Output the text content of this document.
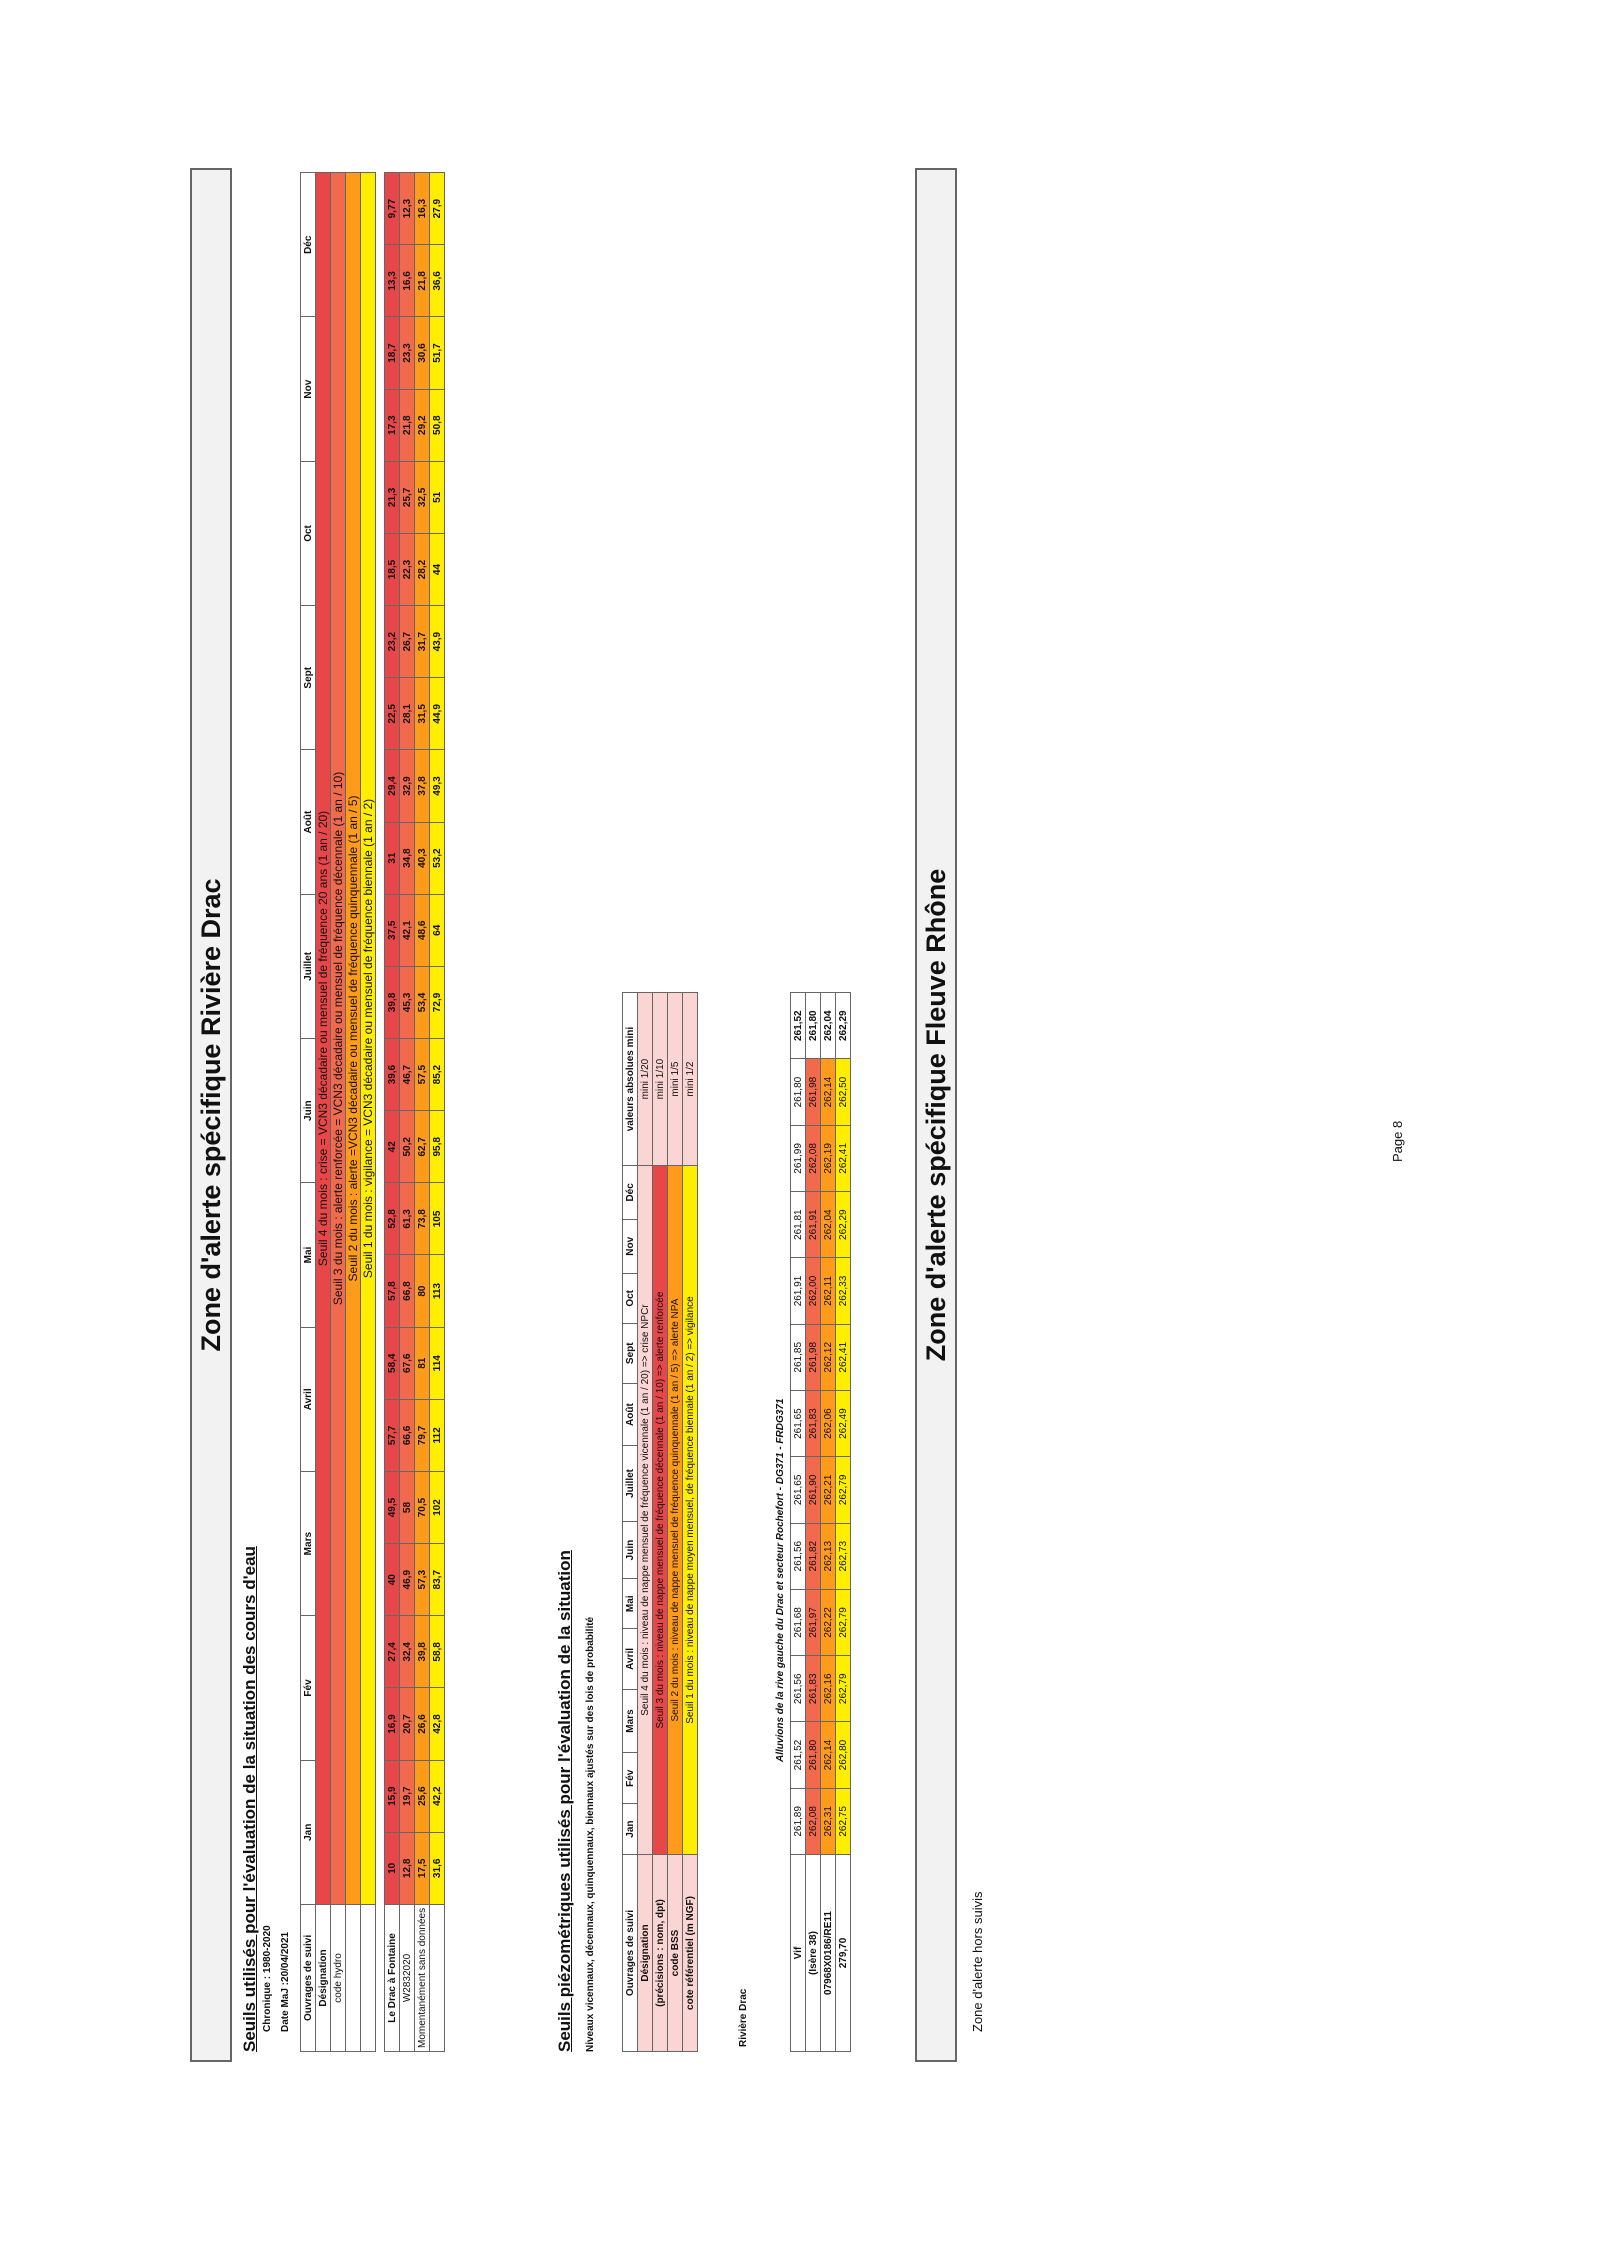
Zone d'alerte spécifique Rivière Drac
Seuils utilisés pour l'évaluation de la situation des cours d'eau Chronique : 1980-2020 Date MaJ :20/04/2021 Ouvrages de suivi	Jan		Fév		Mars		Avril		Mai		Juin		Juillet		Août		Sept		Oct		Nov		Déc	
Désignation	Seuil 4 du mois : crise = VCN3 décadaire ou mensuel de fréquence 20 ans (1 an / 20)																							
code hydro	Seuil 3 du mois : alerte renforcée = VCN3 décadaire ou mensuel de fréquence décennale (1 an / 10)																							
	Seuil 2 du mois : alerte =VCN3 décadaire ou mensuel de fréquence quinquennale (1 an / 5)																							
	Seuil 1 du mois : vigilance = VCN3 décadaire ou mensuel de fréquence biennale (1 an / 2)																							

Le Drac à Fontaine	10	15,9	16,9	27,4	40	49,5	57,7	58,4	57,8	52,8	42	39,6	39,8	37,5	31	29,4	22,5	23,2	18,5	21,3	17,3	18,7	13,3	9,77
W2832020	12,8	19,7	20,7	32,4	46,9	58	66,6	67,6	66,8	61,3	50,2	46,7	45,3	42,1	34,8	32,9	28,1	26,7	22,3	25,7	21,8	23,3	16,6	12,3
Momentanément sans données	17,5	25,6	26,6	39,8	57,3	70,5	79,7	81	80	73,8	62,7	57,5	53,4	48,6	40,3	37,8	31,5	31,7	28,2	32,5	29,2	30,6	21,8	16,3
	31,6	42,2	42,8	58,8	83,7	102	112	114	113	105	95,8	85,2	72,9	64	53,2	49,3	44,9	43,9	44	51	50,8	51,7	36,6	27,9
Seuils piézométriques utilisés pour l'évaluation de la situation Niveaux vicennaux, décennaux, quinquennaux, biennaux ajustés sur des lois de probabilité	Ouvrages de suivi	Jan	Fév	Mars	Avril	Mai	Juin	Juillet	Août	Sept	Oct	Nov	Déc	valeurs absolues mini
Désignation	Seuil 4 du mois : niveau de nappe mensuel de fréquence vicennale (1 an / 20) => crise NPCr												mini 1/20
(précisions : nom, dpt)	Seuil 3 du mois : niveau de nappe mensuel de fréquence décennale (1 an / 10) => alerte renforcée												mini 1/10
code BSS	Seuil 2 du mois : niveau de nappe mensuel de fréquence quinquennale (1 an / 5) => alerte NPA												mini 1/5
cote référentiel (m NGF)	Seuil 1 du mois : niveau de nappe moyen mensuel, de fréquence biennale (1 an / 2) => vigilance												mini 1/2
Rivière Drac
Alluvions de la rive gauche du Drac et secteur Rochefort - DG371 - FRDG371
Vif	261,89	261,52	261,56	261,68	261,56	261,65	261,65	261,85	261,91	261,81	261,99	261,80	261,52
(Isère 38)	262,08	261,80	261,83	261,97	261,82	261,90	261,83	261,98	262,00	261,91	262,08	261,98	261,80
07968X0186/RE11	262,31	262,14	262,16	262,22	262,13	262,21	262,06	262,12	262,11	262,04	262,19	262,14	262,04
279,70	262,75	262,80	262,79	262,79	262,73	262,79	262,49	262,41	262,33	262,29	262,41	262,50	262,29	Zone d'alerte spécifique Fleuve Rhône
Zone d'alerte hors suivis
Page 8
